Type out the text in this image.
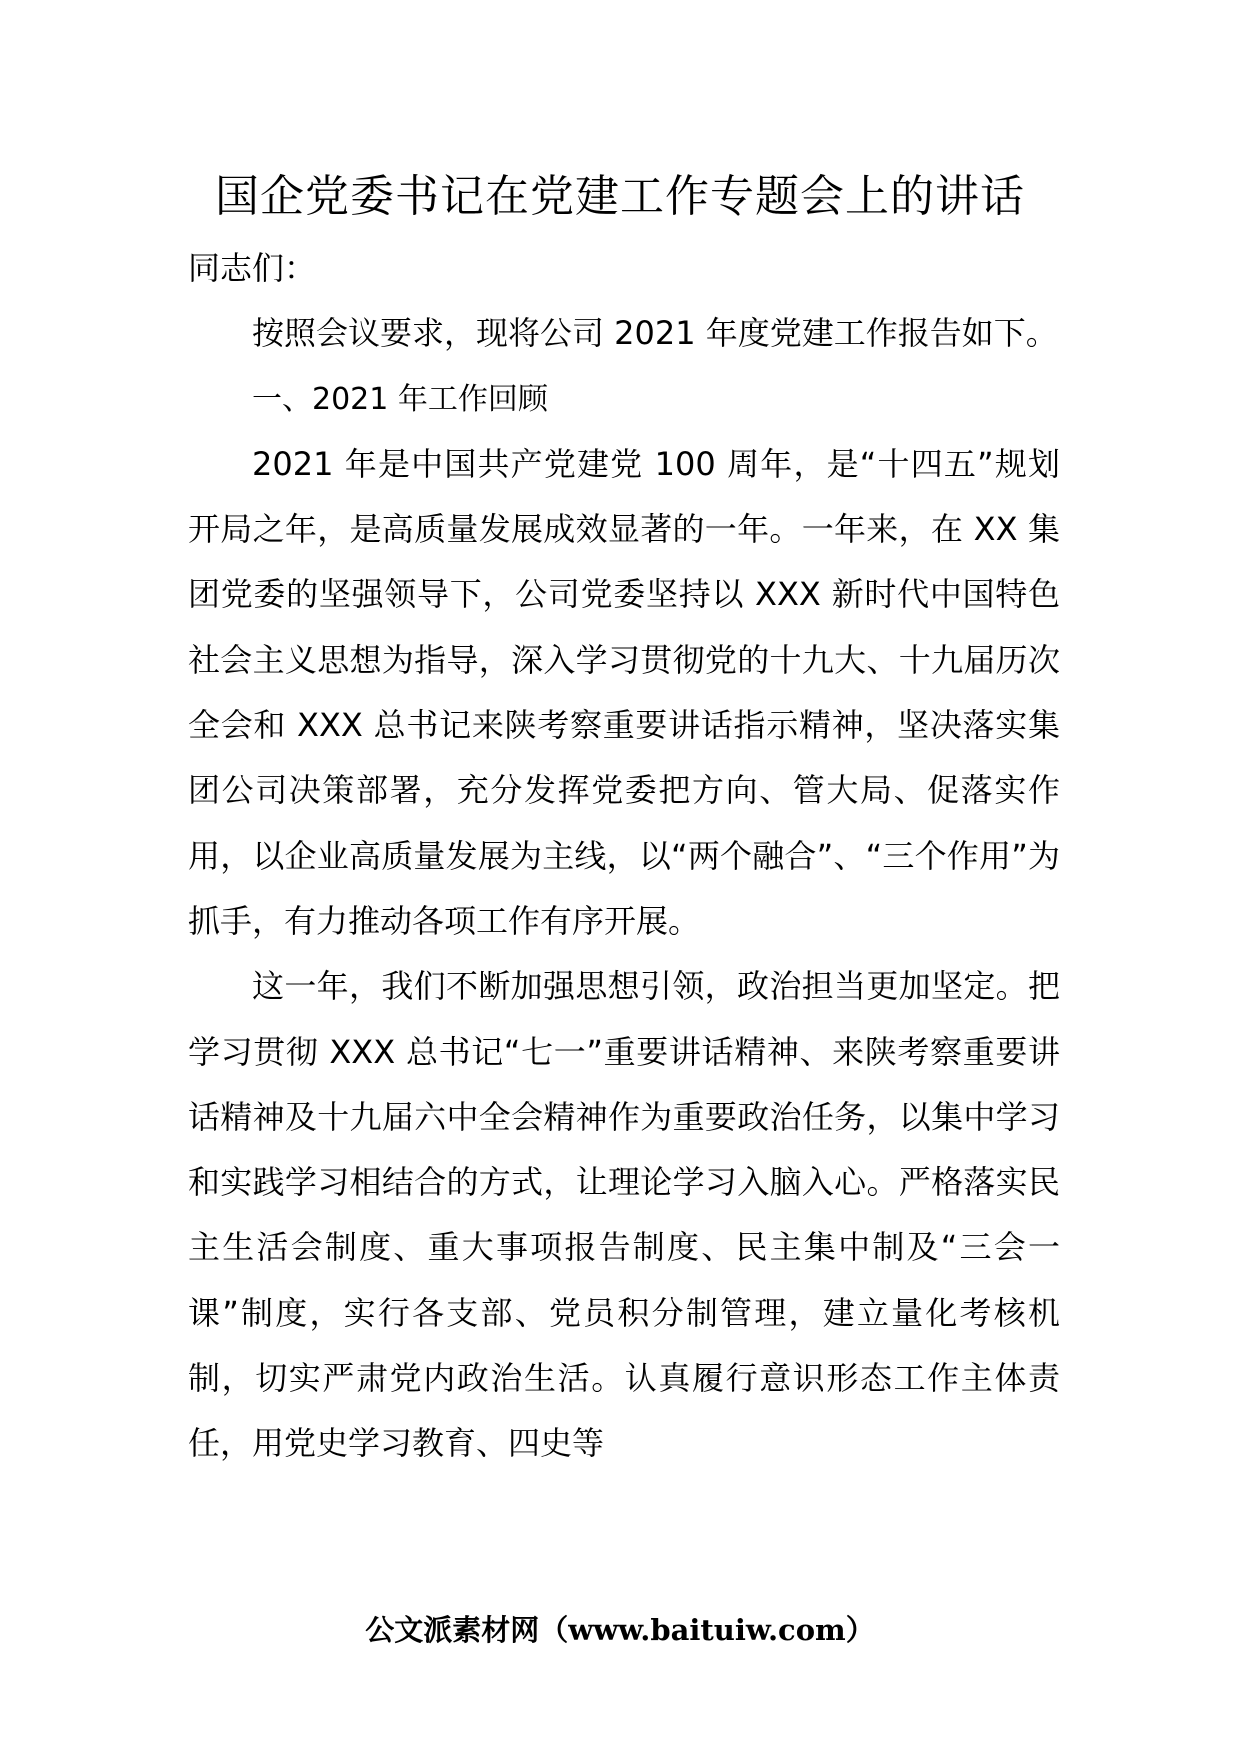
国企党委书记在党建工作专题会上的讲话

同志们：

按照会议要求，现将公司 2021 年度党建工作报告如下。

一、2021 年工作回顾

2021 年是中国共产党建党 100 周年，是“十四五”规划开局之年，是高质量发展成效显著的一年。一年来，在 XX 集团党委的坚强领导下，公司党委坚持以 XXX 新时代中国特色社会主义思想为指导，深入学习贯彻党的十九大、十九届历次全会和 XXX 总书记来陕考察重要讲话指示精神，坚决落实集团公司决策部署，充分发挥党委把方向、管大局、促落实作用，以企业高质量发展为主线，以“两个融合”、“三个作用”为抓手，有力推动各项工作有序开展。

这一年，我们不断加强思想引领，政治担当更加坚定。把学习贯彻 XXX 总书记“七一”重要讲话精神、来陕考察重要讲话精神及十九届六中全会精神作为重要政治任务，以集中学习和实践学习相结合的方式，让理论学习入脑入心。严格落实民主生活会制度、重大事项报告制度、民主集中制及“三会一课”制度，实行各支部、党员积分制管理，建立量化考核机制，切实严肃党内政治生活。认真履行意识形态工作主体责任，用党史学习教育、四史等

公文派素材网（www.baituiw.com）
